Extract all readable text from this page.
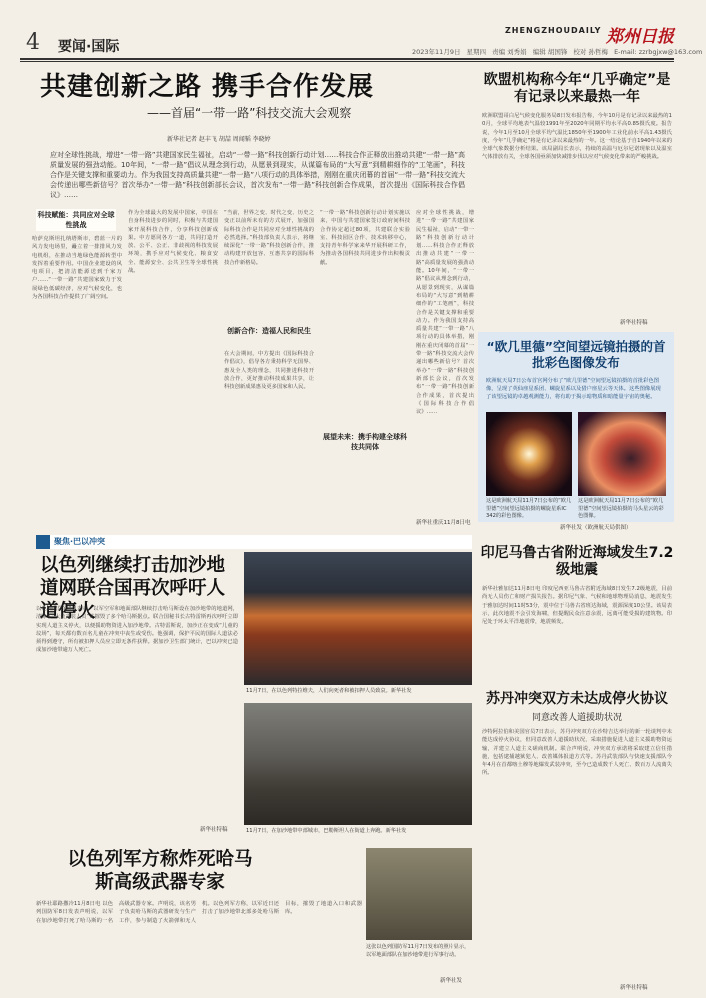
4 要闻·国际
ZHENGZHOUDAILY 郑州日报
2023年11月9日 星期四 责编 刘秀娟 编辑 胡国锋 校对 孙哲梅 E-mail: zzrbgjxw@163.com
共建创新之路 携手合作发展
——首届“一带一路”科技交流大会观察
新华社记者 赵丰飞 胡喆 周闻韬 李晓婷
应对全球性挑战，增进“一带一路”共建国家民生福祉，启动“一带一路”科技创新行动计划……科技合作正释放出推动共建“一带一路”高质量发展的强劲动能。10年间，“一带一路”倡议从理念到行动，从愿景到现实，从谋篇布局的“大写意”到精耕细作的“工笔画”，科技合作是关键支撑和重要动力。作为我国支持高质量共建“一带一路”八项行动的具体举措，刚刚在重庆闭幕的首届“一带一路”科技交流大会传递出哪些新信号？首次举办“一带一路”科技创新部长会议，首次发布“一带一路”科技创新合作成果，首次提出《国际科技合作倡议》……
科技赋能：共同应对全球性挑战
哈萨克斯坦扎纳塔斯市，碧蓝一片的风力发电场里，矗立着一排排风力发电机组，在推动当地绿色能源转型中发挥着重要作用。中国企业建设的风电项目，把清洁能源送到千家万户……“一带一路”共建国家致力于发展绿色低碳经济，应对气候变化，也为各国科技合作提供了广阔空间。
作为全球最大的发展中国家，中国在自身科技进步的同时，积极与共建国家开展科技合作，分享科技创新成果。中方愿同各方一道，共同打造开放、公平、公正、非歧视的科技发展环境，携手应对气候变化、粮食安全、能源安全、公共卫生等全球性挑战。
“当前，世界之变、时代之变、历史之变正以前所未有的方式展开，加强国际科技合作是共同应对全球性挑战的必然选择。”科技部负责人表示，将继续深化“一带一路”科技创新合作，推动构建开放包容、互惠共享的国际科技合作新格局。
创新合作：造福人民和民生
在大会期间，中方提出《国际科技合作倡议》，倡导各方秉持科学无国界、惠及全人类的理念，共同推进科技开放合作，更好推动科技成果共享，让科技创新成果惠及更多国家和人民。
“一带一路”科技创新行动计划实施以来，中国与共建国家签订政府间科技合作协定超过80项，共建联合实验室、科技园区合作、技术转移中心，支持青年科学家来华开展科研工作，为推动各国科技共同进步作出积极贡献。
展望未来：携手构建全球科技共同体
应对全球性挑战，增进“一带一路”共建国家民生福祉，启动“一带一路”科技创新行动计划……科技合作正释放出推动共建“一带一路”高质量发展的强劲动能。10年间，“一带一路”倡议从理念到行动，从愿景到现实，从谋篇布局的“大写意”到精耕细作的“工笔画”，科技合作是关键支撑和重要动力。作为我国支持高质量共建“一带一路”八项行动的具体举措，刚刚在重庆闭幕的首届“一带一路”科技交流大会传递出哪些新信号？首次举办“一带一路”科技创新部长会议，首次发布“一带一路”科技创新合作成果，首次提出《国际科技合作倡议》……
新华社重庆11月8日电
欧盟机构称今年“几乎确定”是有记录以来最热一年
欧洲联盟哥白尼气候变化服务局8日发布报告称，今年10月是有记录以来最热的10月，全球平均地表气温较1991年至2020年同期平均水平高0.85摄氏度。报告说，今年1月至10月全球平均气温比1850年至1900年工业化前水平高1.43摄氏度，今年“几乎确定”将是有记录以来最热的一年。这一结论基于自1940年以来的全球气象数据分析结果。该局副局长表示，持续的高温与厄尔尼诺现象以及温室气体排放有关，全球各国亟须加快减排步伐以应对气候变化带来的严峻挑战。
新华社特稿
“欧几里德”空间望远镜拍摄的首批彩色图像发布
欧洲航天局7日公布首宫网分布了“欧几里德”空间望远镜拍摄的首批彩色图像，呈现了英仙座星系团、螺旋星系以及猎户座星云等天体。这些图像展现了该望远镜的卓越观测能力，将有助于揭示暗物质和暗能量宇宙的奥秘。
这是欧洲航天局11月7日公布的“欧几里德”空间望远镜拍摄的螺旋星系IC 342的彩色图像。
这是欧洲航天局11月7日公布的“欧几里德”空间望远镜拍摄的马头星云的彩色图像。
新华社发（欧洲航天局供图）
印尼马鲁古省附近海域发生7.2级地震
新华社雅加达11月8日电 印度尼西亚马鲁古省附近海域8日发生7.2级地震，目前尚无人员伤亡和财产损失报告。据印尼气象、气候和地球物理局消息，地震发生于雅加达时间11时53分，震中位于马鲁古省班达海域，震源深度10公里。该局表示，此次地震不会引发海啸，但提醒民众注意余震，远离可能受损的建筑物。印尼处于环太平洋地震带，地震频发。
苏丹冲突双方未达成停火协议
同意改善人道援助状况
沙特阿拉伯和美国官员7日表示，苏丹冲突双方在沙特吉达举行的新一轮谈判中未能达成停火协议，但同意改善人道援助状况，采取措施促进人道主义援助物资运输，并建立人道主义磋商机制。联合声明说，冲突双方承诺将采取建立信任措施，包括逮捕越狱犯人、改善媒体报道方式等。苏丹武装部队与快速支援部队今年4月在首都喀土穆等地爆发武装冲突，至今已造成数千人死亡、数百万人流离失所。
新华社特稿
聚焦·巴以冲突
以色列继续打击加沙地道网联合国再次呼吁人道停火
以色列国防军8日表示，以军空军和地面部队继续打击哈马斯设在加沙地带的地道网，清除了“大量武装人员”并摧毁了多个哈马斯据点。联合国秘书长古特雷斯再次呼吁立即实现人道主义停火，以便援助物资进入加沙地带。古特雷斯说，加沙正在变成“儿童的坟场”，每天都有数百名儿童在冲突中丧生或受伤。他强调，保护平民的国际人道法必须得到遵守，所有被扣押人员应立即无条件获释。据加沙卫生部门统计，巴以冲突已造成加沙地带逾万人死亡。
新华社特稿
11月7日，在以色列特拉维夫，人们向死者和被扣押人员致哀。新华社发
11月7日，在加沙地带中部城市，巴勒斯坦人在街道上奔跑。新华社发
以色列军方称炸死哈马斯高级武器专家
新华社耶路撒冷11月8日电 以色列国防军8日发表声明说，以军在加沙地带打死了哈马斯的一名高级武器专家。声明说，该名男子负责哈马斯的武器研发与生产工作，参与制造了火箭弹和无人机。以色列军方称，以军近日还打击了加沙地带北部多处哈马斯目标，摧毁了地道入口和武器库。
这张以色列国防军11月7日发布的照片显示，以军地面部队在加沙地带进行军事行动。
新华社发
